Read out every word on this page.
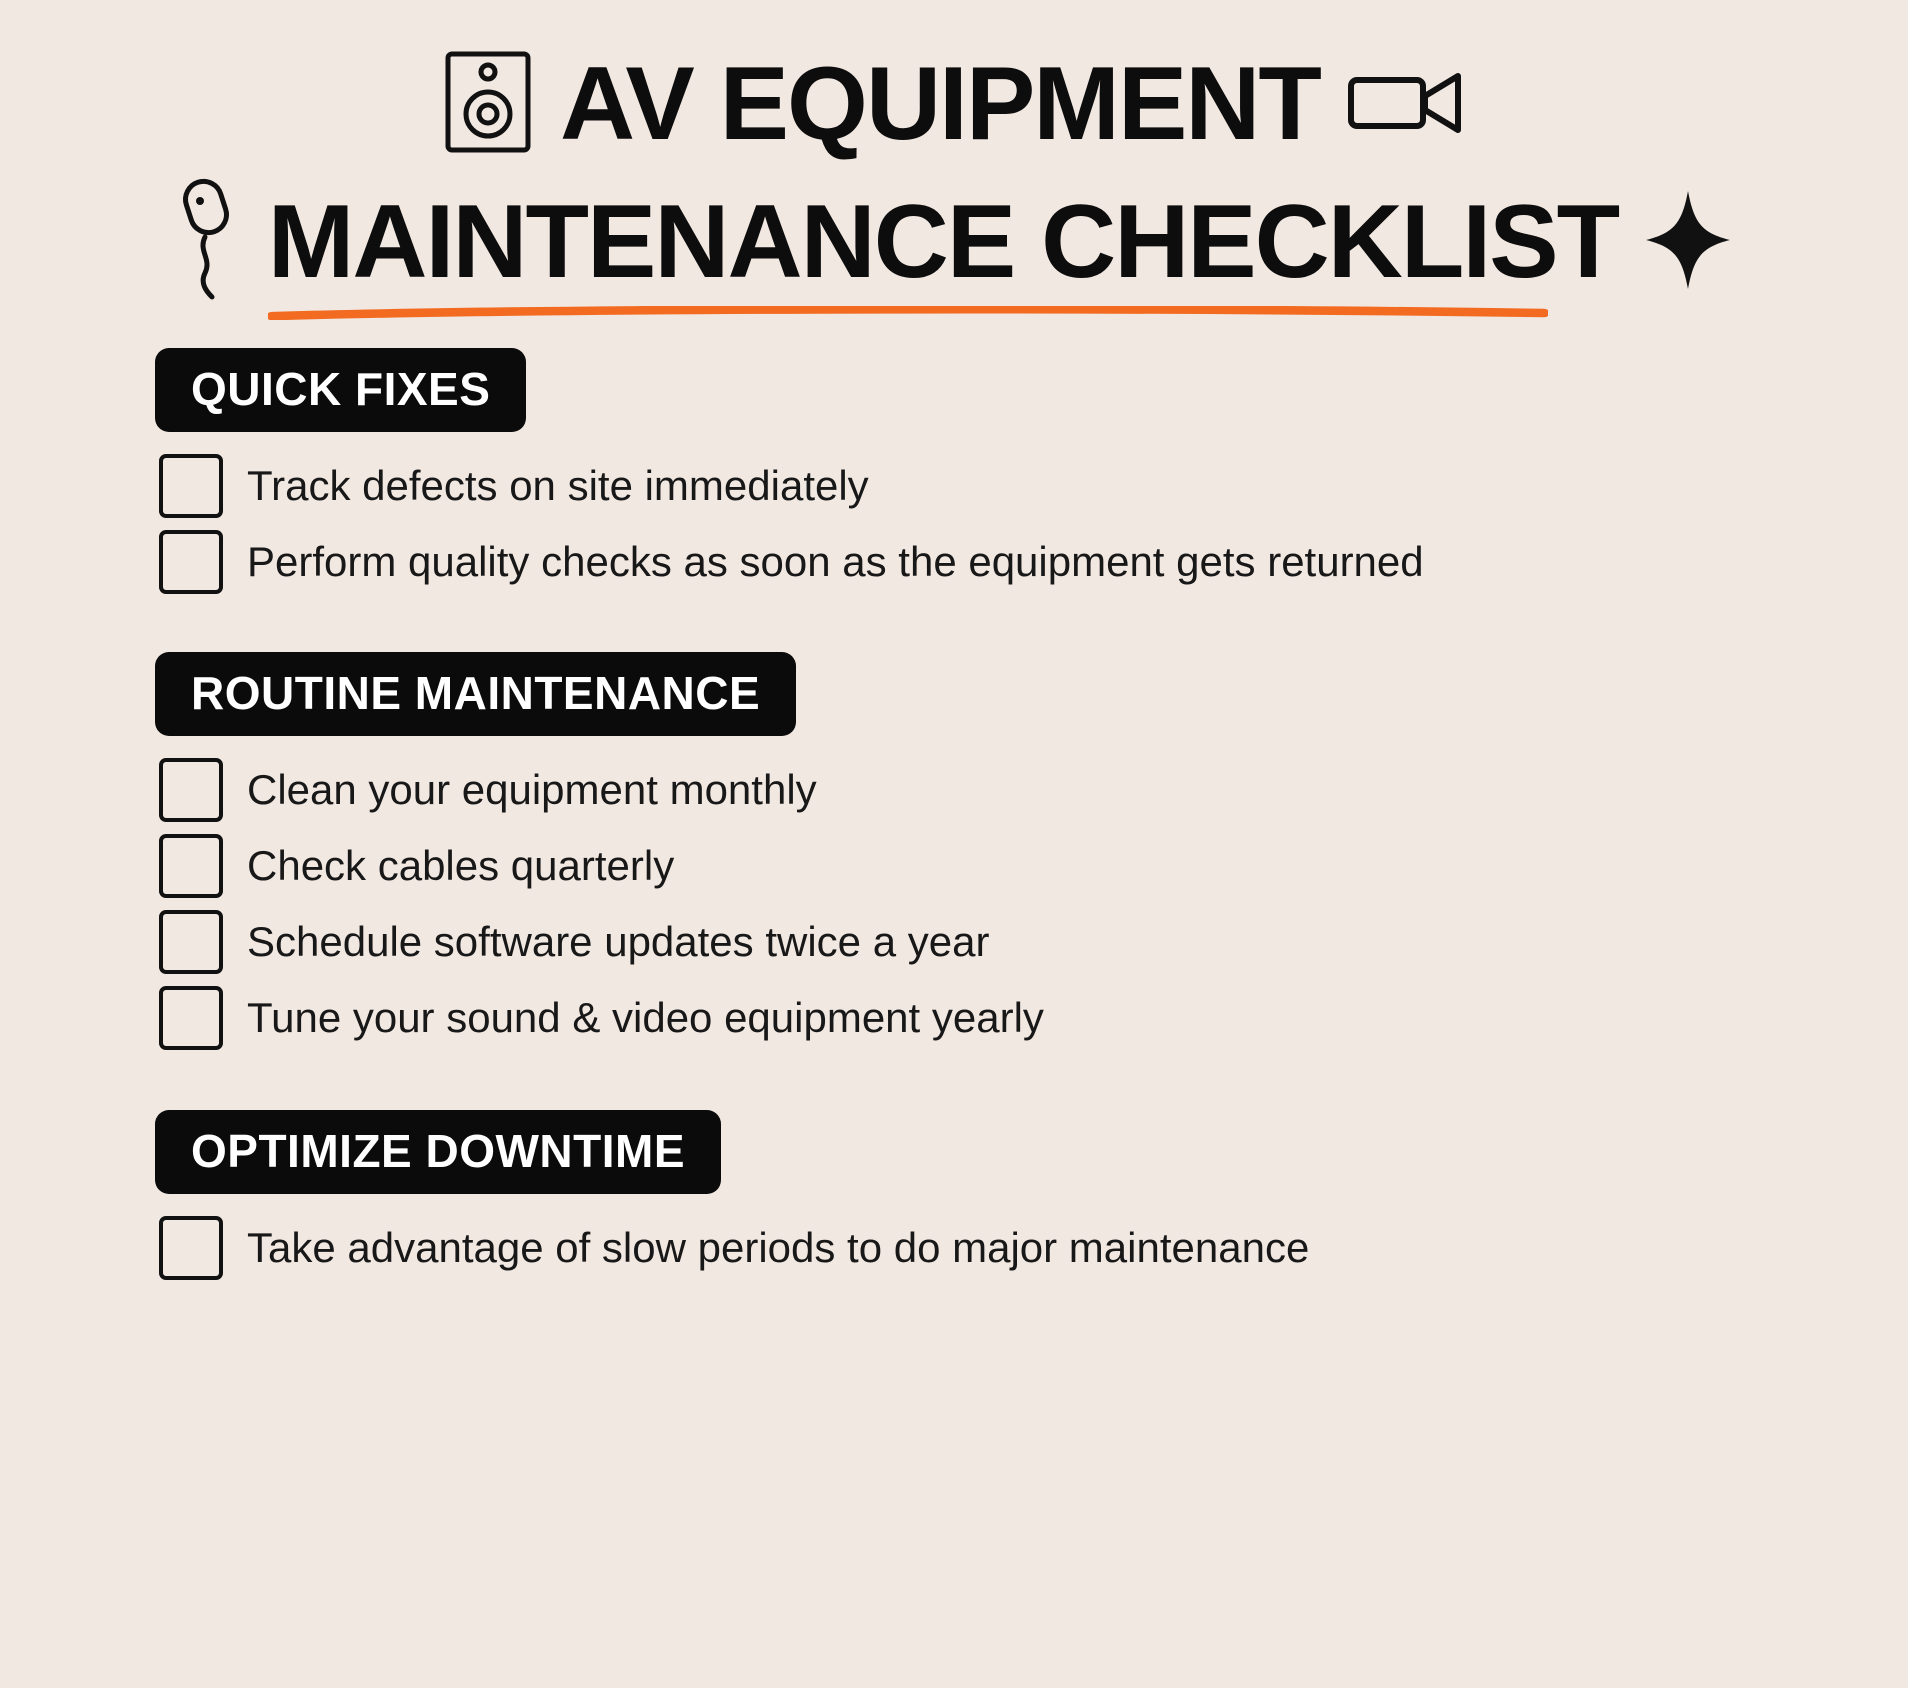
AV EQUIPMENT
MAINTENANCE CHECKLIST
QUICK FIXES
Track defects on site immediately
Perform quality checks as soon as the equipment gets returned
ROUTINE MAINTENANCE
Clean your equipment monthly
Check cables quarterly
Schedule software updates twice a year
Tune your sound & video equipment yearly
OPTIMIZE DOWNTIME
Take advantage of slow periods to do major maintenance
